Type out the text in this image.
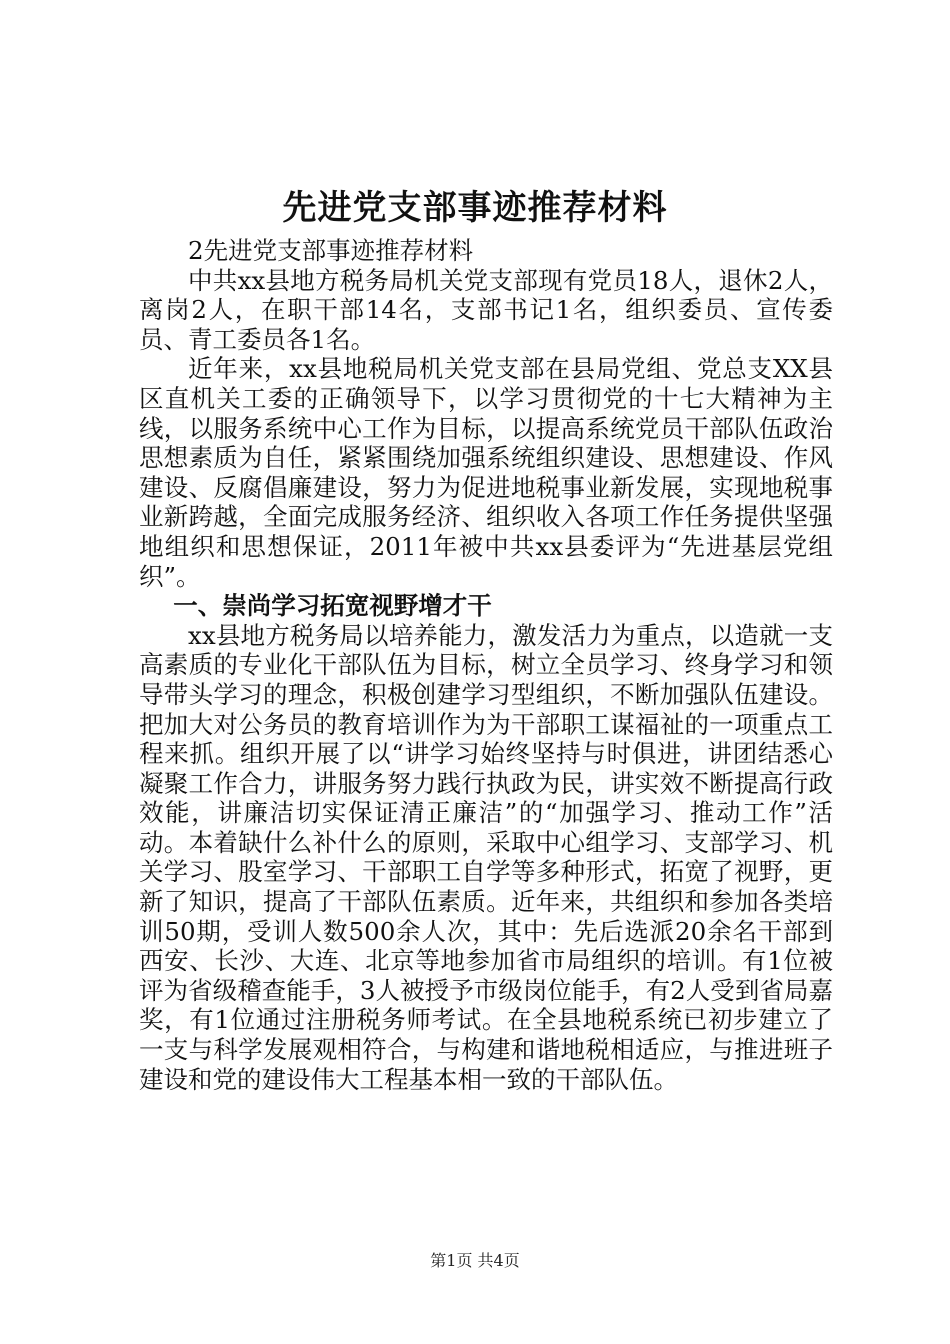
先进党支部事迹推荐材料

2先进党支部事迹推荐材料

中共xx县地方税务局机关党支部现有党员18人，退休2人，离岗2人，在职干部14名，支部书记1名，组织委员、宣传委员、青工委员各1名。

近年来，xx县地税局机关党支部在县局党组、党总支XX县区直机关工委的正确领导下，以学习贯彻党的十七大精神为主线，以服务系统中心工作为目标，以提高系统党员干部队伍政治思想素质为自任，紧紧围绕加强系统组织建设、思想建设、作风建设、反腐倡廉建设，努力为促进地税事业新发展，实现地税事业新跨越，全面完成服务经济、组织收入各项工作任务提供坚强地组织和思想保证，2011年被中共xx县委评为“先进基层党组织”。

一、崇尚学习拓宽视野增才干

xx县地方税务局以培养能力，激发活力为重点，以造就一支高素质的专业化干部队伍为目标，树立全员学习、终身学习和领导带头学习的理念，积极创建学习型组织，不断加强队伍建设。把加大对公务员的教育培训作为为干部职工谋福祉的一项重点工程来抓。组织开展了以“讲学习始终坚持与时俱进，讲团结悉心凝聚工作合力，讲服务努力践行执政为民，讲实效不断提高行政效能，讲廉洁切实保证清正廉洁”的“加强学习、推动工作”活动。本着缺什么补什么的原则，采取中心组学习、支部学习、机关学习、股室学习、干部职工自学等多种形式，拓宽了视野，更新了知识，提高了干部队伍素质。近年来，共组织和参加各类培训50期，受训人数500余人次，其中：先后选派20余名干部到西安、长沙、大连、北京等地参加省市局组织的培训。有1位被评为省级稽查能手，3人被授予市级岗位能手，有2人受到省局嘉奖，有1位通过注册税务师考试。在全县地税系统已初步建立了一支与科学发展观相符合，与构建和谐地税相适应，与推进班子建设和党的建设伟大工程基本相一致的干部队伍。

第1页 共4页
